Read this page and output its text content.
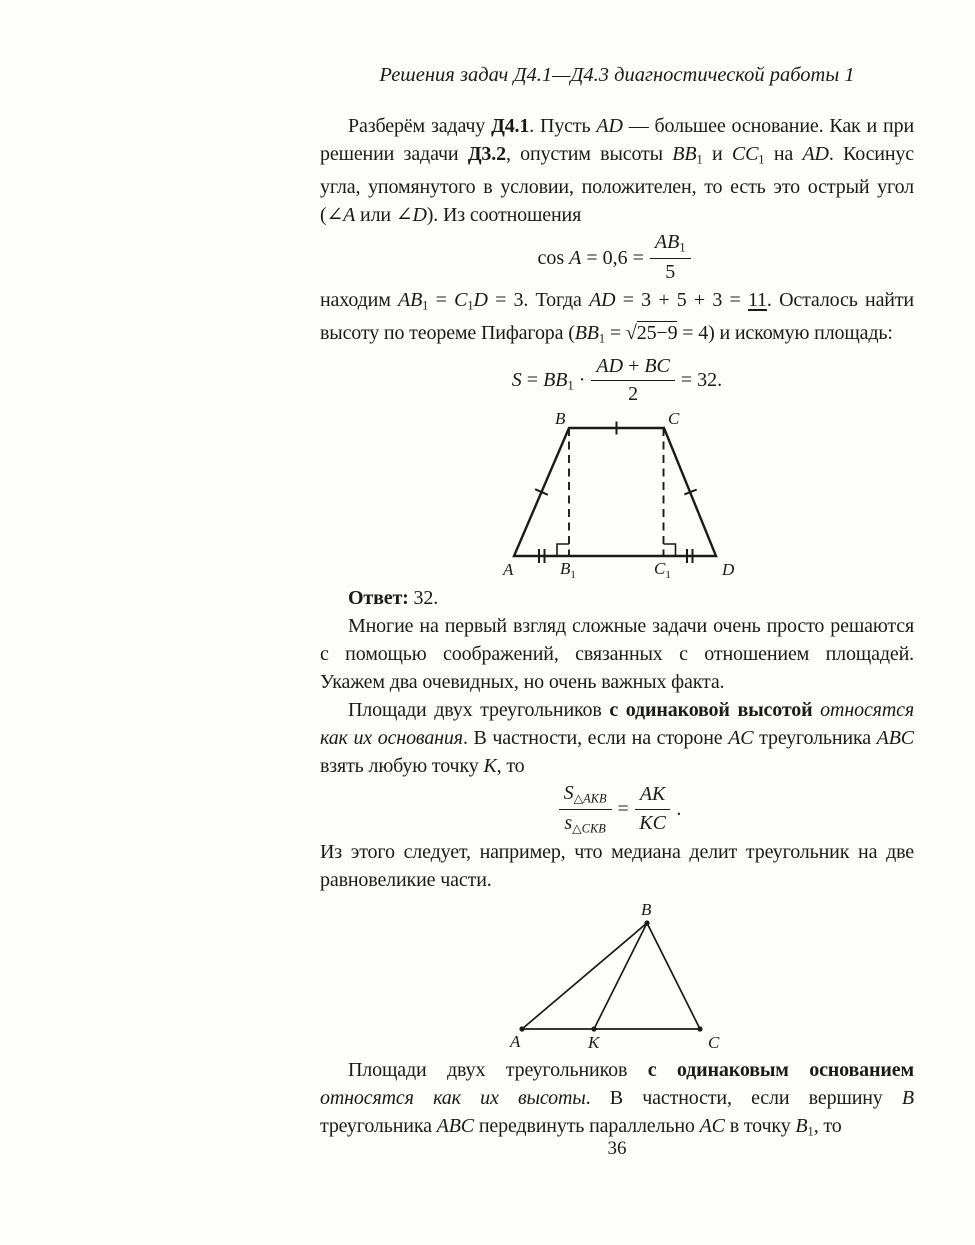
Решения задач Д4.1—Д4.3 диагностической работы 1

Разберём задачу Д4.1. Пусть AD — большее основание. Как и при решении задачи Д3.2, опустим высоты BB1 и CC1 на AD. Косинус угла, упомянутого в условии, положителен, то есть это острый угол (∠A или ∠D). Из соотношения

$\cos A = 0,6 = \frac{AB1}{5}$

находим AB1 = C1D = 3. Тогда AD = 3 + 5 + 3 = 11. Осталось найти высоту по теореме Пифагора (BB1 = √25−9 = 4) и искомую площадь:

$S = BB1 \cdot \frac{AD + BC}{2} = 32$.
A
B	C
D
$B_1$	$C_1$

Ответ: 32.

Многие на первый взгляд сложные задачи очень просто решаются с помощью соображений, связанных с отношением площадей. Укажем два очевидных, но очень важных факта.

Площади двух треугольников с одинаковой высотой относятся как их основания. В частности, если на стороне AC треугольника ABC взять любую точку K, то

$\frac{\text{S△AKB}}{\text{s△CKB}} = \frac{AK}{KC}$ .

Из этого следует, например, что медиана делит треугольник на две равновеликие части.

A
B
K	C

Площади двух треугольников с одинаковым основанием относятся как их высоты. В частности, если вершину B треугольника ABC передвинуть параллельно AC в точку B1, то

36
